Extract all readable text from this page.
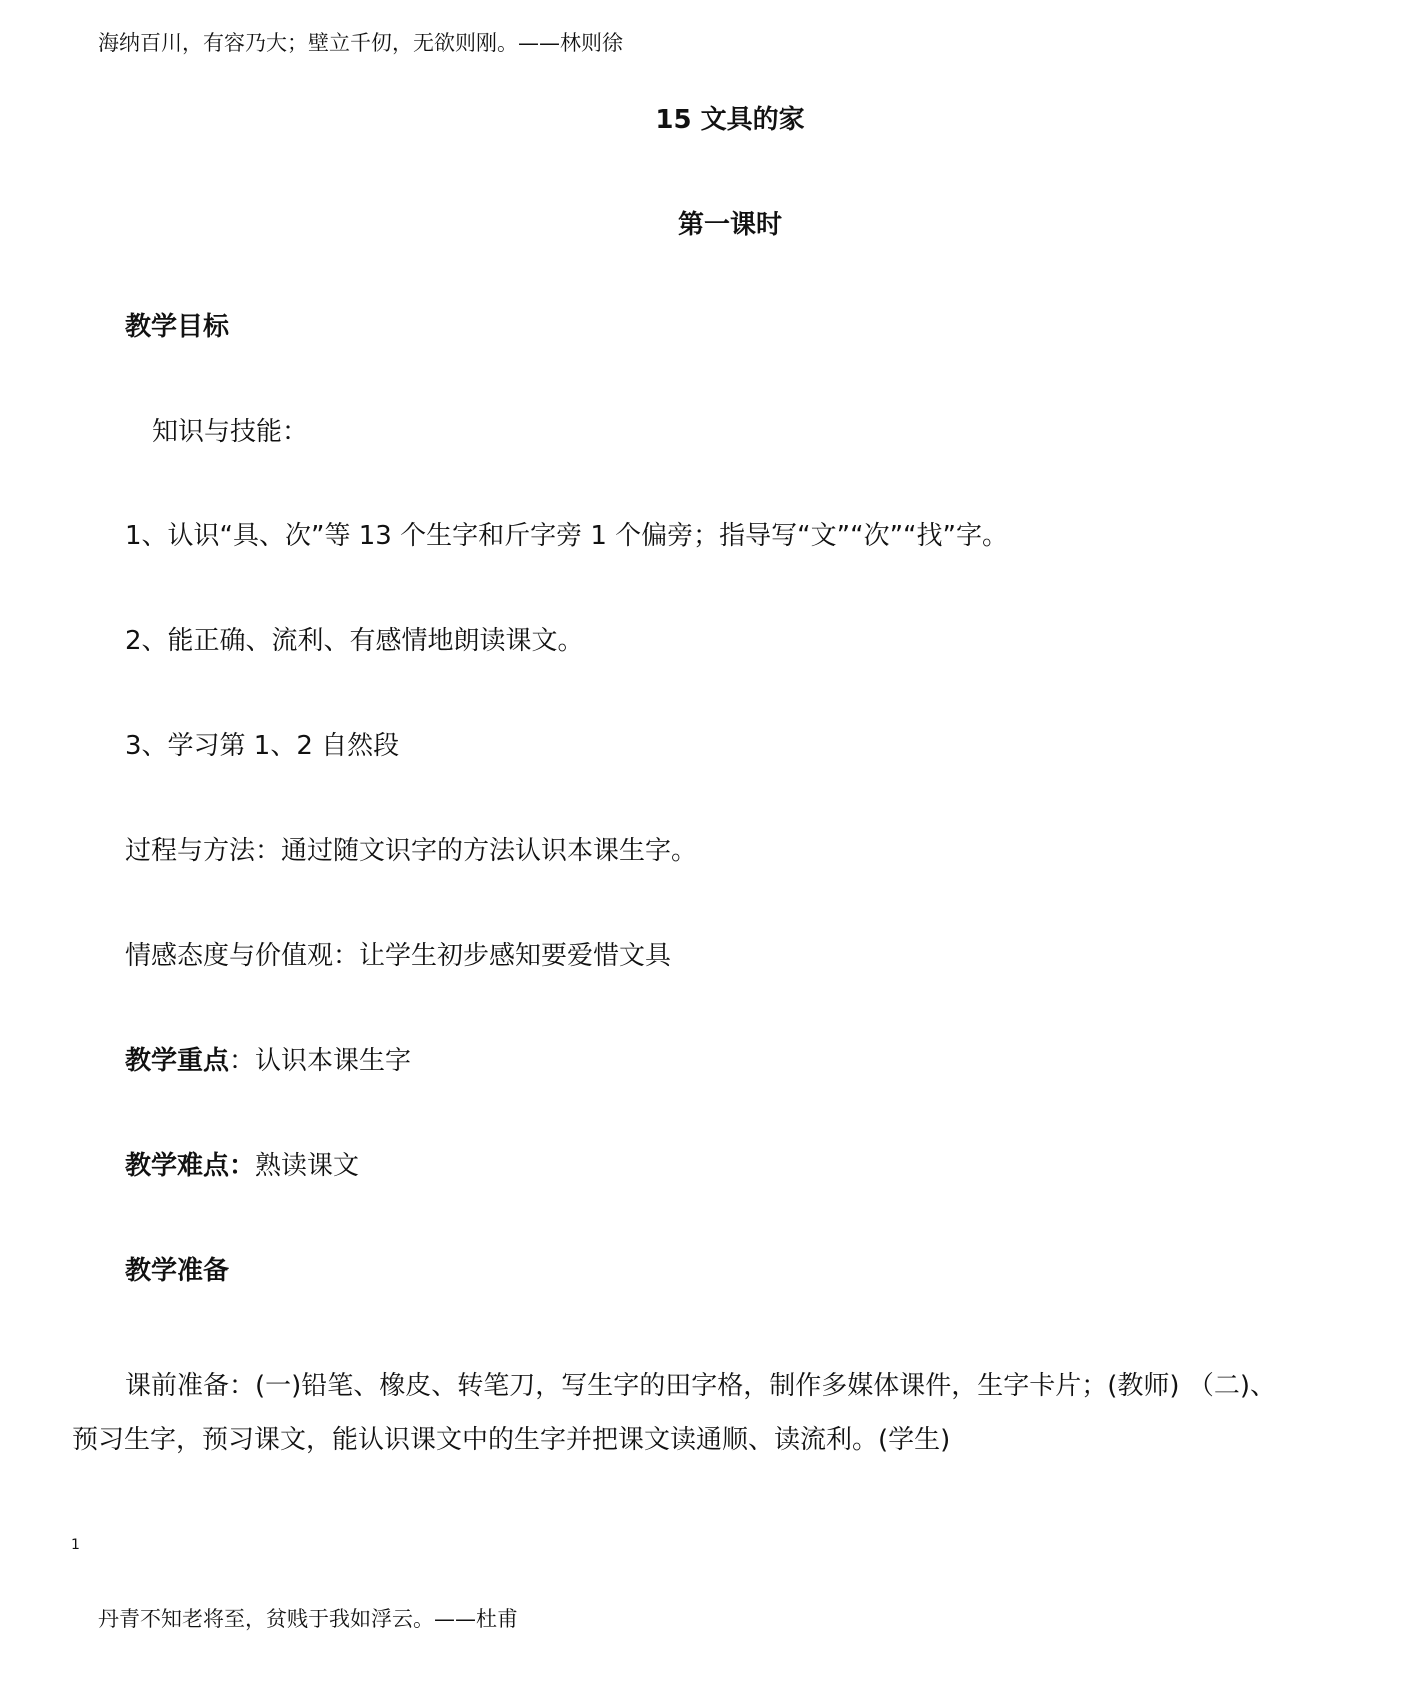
海纳百川，有容乃大；壁立千仞，无欲则刚。——林则徐
15 文具的家
第一课时
教学目标
知识与技能：
1、认识“具、次”等 13 个生字和斤字旁 1 个偏旁；指导写“文”“次”“找”字。
2、能正确、流利、有感情地朗读课文。
3、学习第 1、2 自然段
过程与方法：通过随文识字的方法认识本课生字。
情感态度与价值观：让学生初步感知要爱惜文具
教学重点：认识本课生字
教学难点：熟读课文
教学准备
课前准备：(一)铅笔、橡皮、转笔刀，写生字的田字格，制作多媒体课件，生字卡片；(教师) （二)、
预习生字，预习课文，能认识课文中的生字并把课文读通顺、读流利。(学生)
1
丹青不知老将至，贫贱于我如浮云。——杜甫
